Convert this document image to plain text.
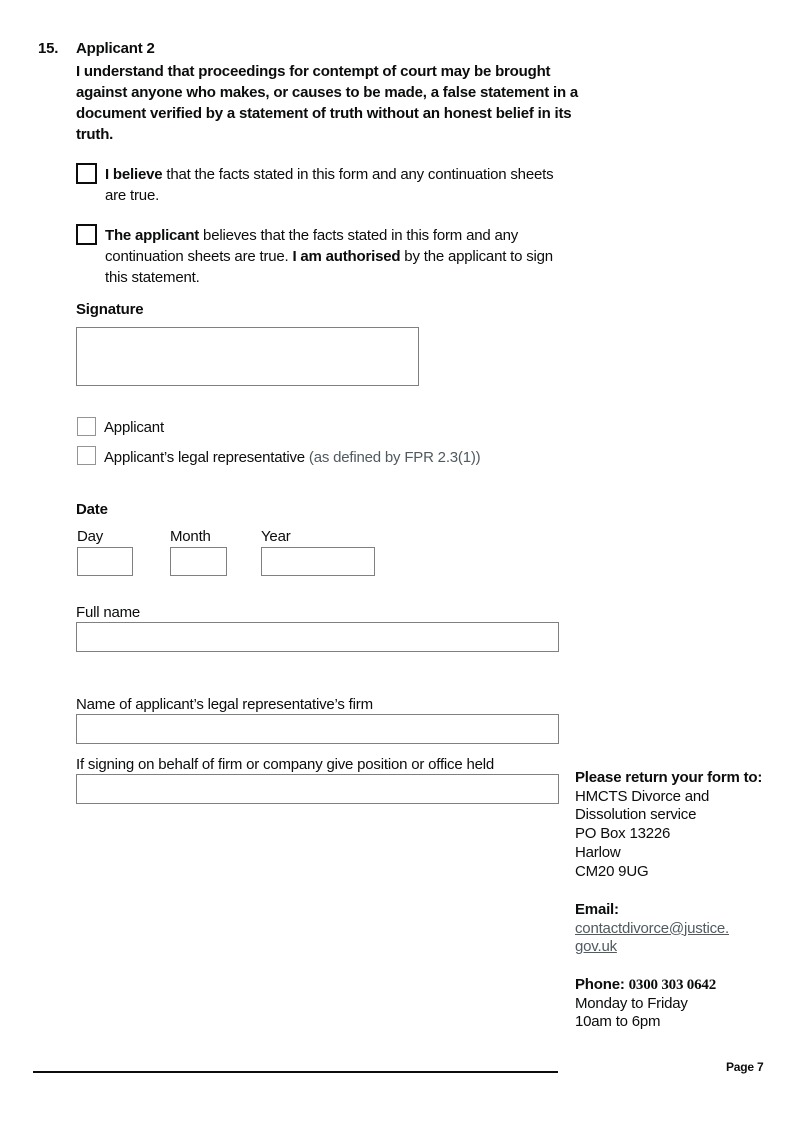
15. Applicant 2
I understand that proceedings for contempt of court may be brought against anyone who makes, or causes to be made, a false statement in a document verified by a statement of truth without an honest belief in its truth.
I believe that the facts stated in this form and any continuation sheets are true.
The applicant believes that the facts stated in this form and any continuation sheets are true. I am authorised by the applicant to sign this statement.
Signature
Applicant
Applicant’s legal representative (as defined by FPR 2.3(1))
Date
Day	Month	Year
Full name
Name of applicant’s legal representative’s firm
If signing on behalf of firm or company give position or office held
Please return your form to:
HMCTS Divorce and
Dissolution service
PO Box 13226
Harlow
CM20 9UG
Email:
contactdivorce@justice.
gov.uk
Phone: 0300 303 0642
Monday to Friday
10am to 6pm
Page 7
